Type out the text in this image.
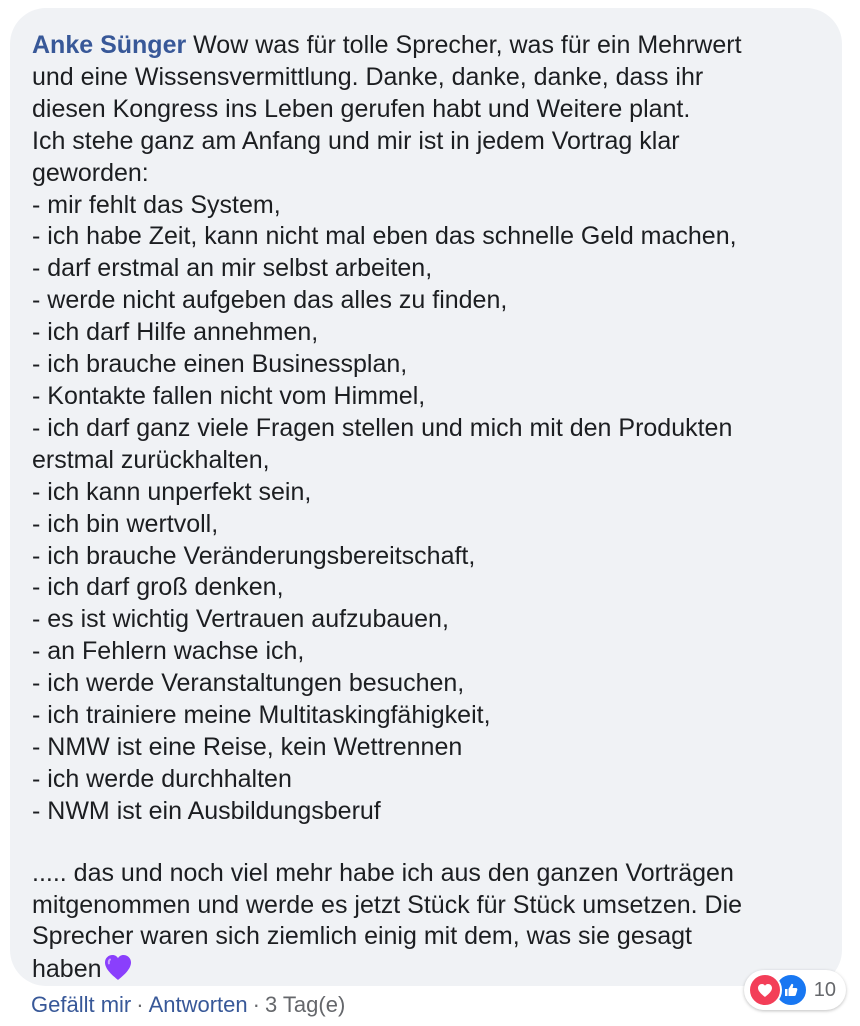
Anke Sünger Wow was für tolle Sprecher, was für ein Mehrwert
und eine Wissensvermittlung. Danke, danke, danke, dass ihr
diesen Kongress ins Leben gerufen habt und Weitere plant.
Ich stehe ganz am Anfang und mir ist in jedem Vortrag klar
geworden:
- mir fehlt das System,
- ich habe Zeit, kann nicht mal eben das schnelle Geld machen,
- darf erstmal an mir selbst arbeiten,
- werde nicht aufgeben das alles zu finden,
- ich darf Hilfe annehmen,
- ich brauche einen Businessplan,
- Kontakte fallen nicht vom Himmel,
- ich darf ganz viele Fragen stellen und mich mit den Produkten
erstmal zurückhalten,
- ich kann unperfekt sein,
- ich bin wertvoll,
- ich brauche Veränderungsbereitschaft,
- ich darf groß denken,
- es ist wichtig Vertrauen aufzubauen,
- an Fehlern wachse ich,
- ich werde Veranstaltungen besuchen,
- ich trainiere meine Multitaskingfähigkeit,
- NMW ist eine Reise, kein Wettrennen
- ich werde durchhalten
- NWM ist ein Ausbildungsberuf
..... das und noch viel mehr habe ich aus den ganzen Vorträgen
mitgenommen und werde es jetzt Stück für Stück umsetzen. Die
Sprecher waren sich ziemlich einig mit dem, was sie gesagt
haben
Gefällt mir · Antworten · 3 Tag(e)
10
